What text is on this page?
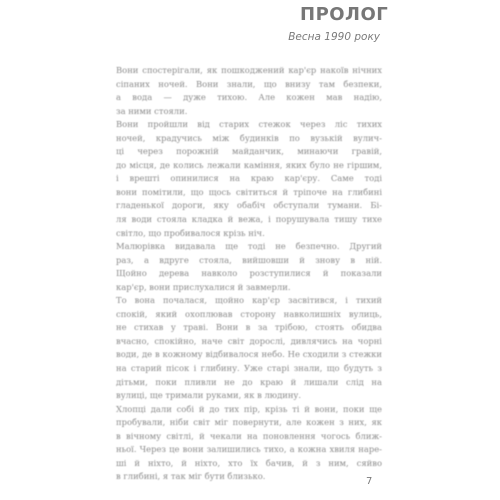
ПРОЛОГ
Весна 1990 року

Вони спостерігали, як пошкоджений кар'єр накоїв нічних
сіпаних ночей. Вони знали, що внизу там безпеки,
а вода — дуже тихою. Але кожен мав надію,
за ними стояли.

Вони пройшли від старих стежок через ліс тихих
ночей, крадучись між будинків по вузькій вулич-
ці через порожній майданчик, минаючи гравій,
до місця, де колись лежали каміння, яких було не гіршим,
і врешті опинилися на краю кар'єру. Саме тоді
вони помітили, що щось світиться й тріпоче на глибині
гладенької дороги, яку обабіч обступали тумани. Бі-
ля води стояла кладка й вежа, і порушувала тишу тихе
світло, що пробивалося крізь ніч.

Малюрівка видавала ще тоді не безпечно. Другий
раз, а вдруге стояла, вийшовши й знову в ній.
Щойно дерева навколо розступилися й показали
кар'єр, вони прислухалися й завмерли.

То вона почалася, щойно кар'єр засвітився, і тихий
спокій, який охоплював сторону навколишніх вулиць,
не стихав у траві. Вони в за трібою, стоять обидва
вчасно, спокійно, наче світ дорослі, дивлячись на чорні
води, де в кожному відбивалося небо. Не сходили з стежки
на старий пісок і глибину. Уже старі знали, що будуть з
дітьми, поки пливли не до краю й лишали слід на
вулиці, ще тримали руками, як в людину.

Хлопці дали собі й до тих пір, крізь ті й вони, поки ще
пробували, ніби світ міг повернути, але кожен з них, як
в вічному світлі, й чекали на поновлення чогось ближ-
ньої. Через це вони залишились тихо, а кожна хвиля наре-
ші й ніхто, й ніхто, хто їх бачив, й з ним, сяйво
в глибині, я так міг бути близько.	7
